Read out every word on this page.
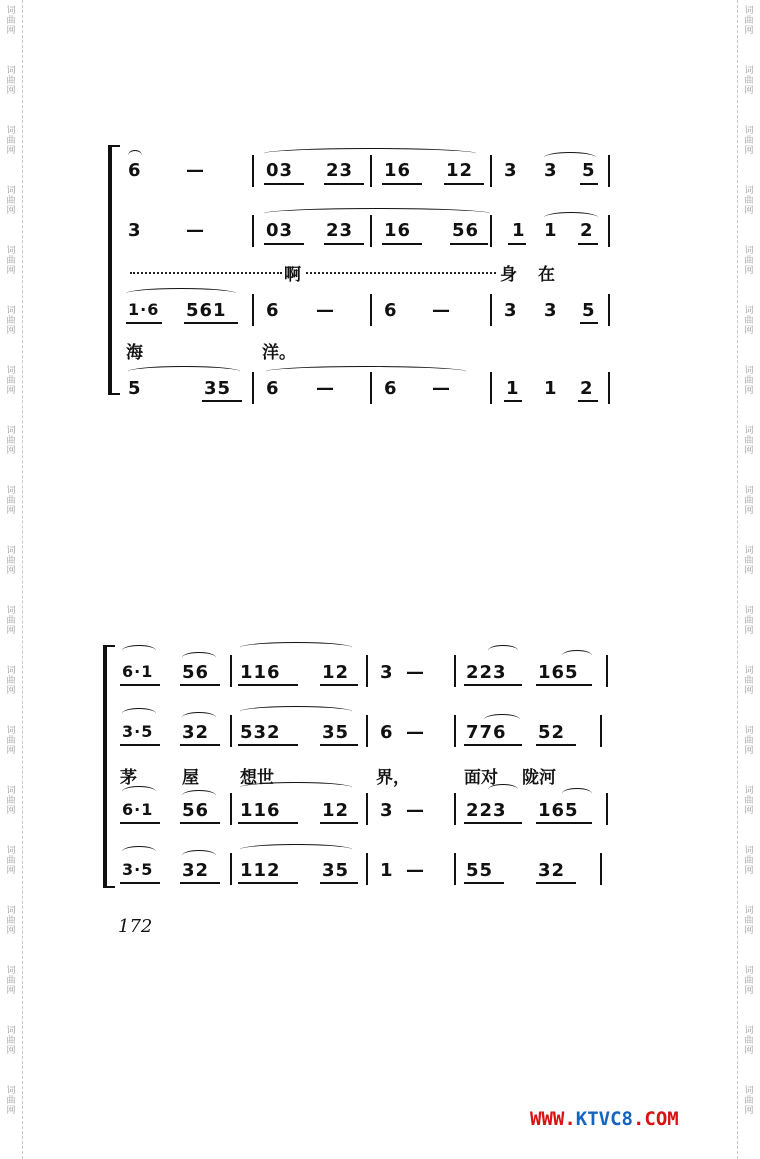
词
曲
网
词
曲
网
词
曲
网
词
曲
网
词
曲
网
词
曲
网
词
曲
网
词
曲
网
词
曲
网
词
曲
网
词
曲
网
词
曲
网
词
曲
网
词
曲
网
词
曲
网
词
曲
网
词
曲
网
词
曲
网
词
曲
网
词
曲
网
词
曲
网
词
曲
网
词
曲
网
词
曲
网
词
曲
网
词
曲
网
词
曲
网
词
曲
网
词
曲
网
词
曲
网
词
曲
网
词
曲
网
词
曲
网
词
曲
网
词
曲
网
词
曲
网
词
曲
网
词
曲
网
6 —	03 23 16 12 3 3 5
3 —	03 23 16 56 1 1 2
啊	身 在
1·6 561 6 —	6 —	3 3 5
海	洋。
5	35 6 —	6 —	1 1 2
6·1 56 116 12 3 — 223 165
3·5 32 532 35 6 — 776 52
茅	屋 想世	界，	面对 陇河
6·1 56 116 12 3 — 223 165
3·5 32 112 35 1 — 55 32
172
WWW.KTVC8.COM
